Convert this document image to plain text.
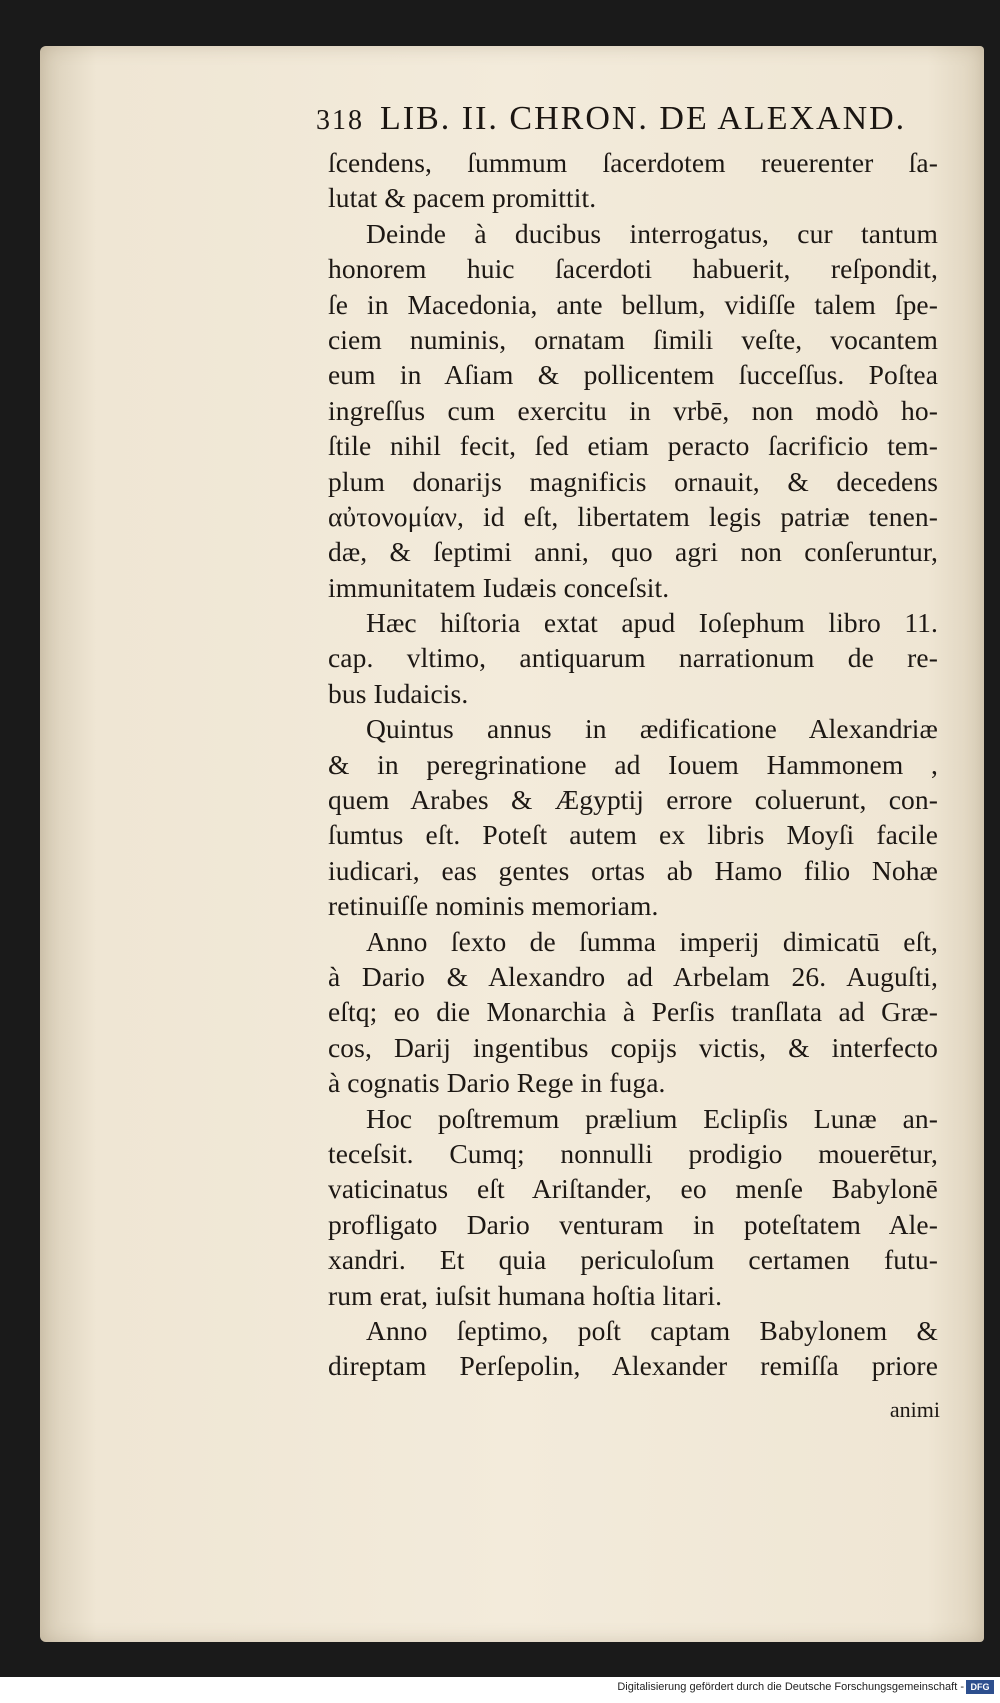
318 LIB. II. CHRON. DE ALEXAND.
ſcendens, ſummum ſacerdotem reuerenter ſa-
lutat & pacem promittit.
Deinde à ducibus interrogatus, cur tantum
honorem huic ſacerdoti habuerit, reſpondit,
ſe in Macedonia, ante bellum, vidiſſe talem ſpe-
ciem numinis, ornatam ſimili veſte, vocantem
eum in Aſiam & pollicentem ſucceſſus. Poſtea
ingreſſus cum exercitu in vrbē, non modò ho-
ſtile nihil fecit, ſed etiam peracto ſacrificio tem-
plum donarijs magnificis ornauit, & decedens
αὐτονομίαν, id eſt, libertatem legis patriæ tenen-
dæ, & ſeptimi anni, quo agri non conſeruntur,
immunitatem Iudæis conceſsit.
Hæc hiſtoria extat apud Ioſephum libro 11.
cap. vltimo, antiquarum narrationum de re-
bus Iudaicis.
Quintus annus in ædificatione Alexandriæ
& in peregrinatione ad Iouem Hammonem ,
quem Arabes & Ægyptij errore coluerunt, con-
ſumtus eſt. Poteſt autem ex libris Moyſi facile
iudicari, eas gentes ortas ab Hamo filio Nohæ
retinuiſſe nominis memoriam.
Anno ſexto de ſumma imperij dimicatū eſt,
à Dario & Alexandro ad Arbelam 26. Auguſti,
eſtq; eo die Monarchia à Perſis tranſlata ad Græ-
cos, Darij ingentibus copijs victis, & interfecto
à cognatis Dario Rege in fuga.
Hoc poſtremum prælium Eclipſis Lunæ an-
teceſsit. Cumq; nonnulli prodigio mouerētur,
vaticinatus eſt Ariſtander, eo menſe Babylonē
profligato Dario venturam in poteſtatem Ale-
xandri. Et quia periculoſum certamen futu-
rum erat, iuſsit humana hoſtia litari.
Anno ſeptimo, poſt captam Babylonem &
direptam Perſepolin, Alexander remiſſa priore
animi
Digitalisierung gefördert durch die Deutsche Forschungsgemeinschaft - DFG
